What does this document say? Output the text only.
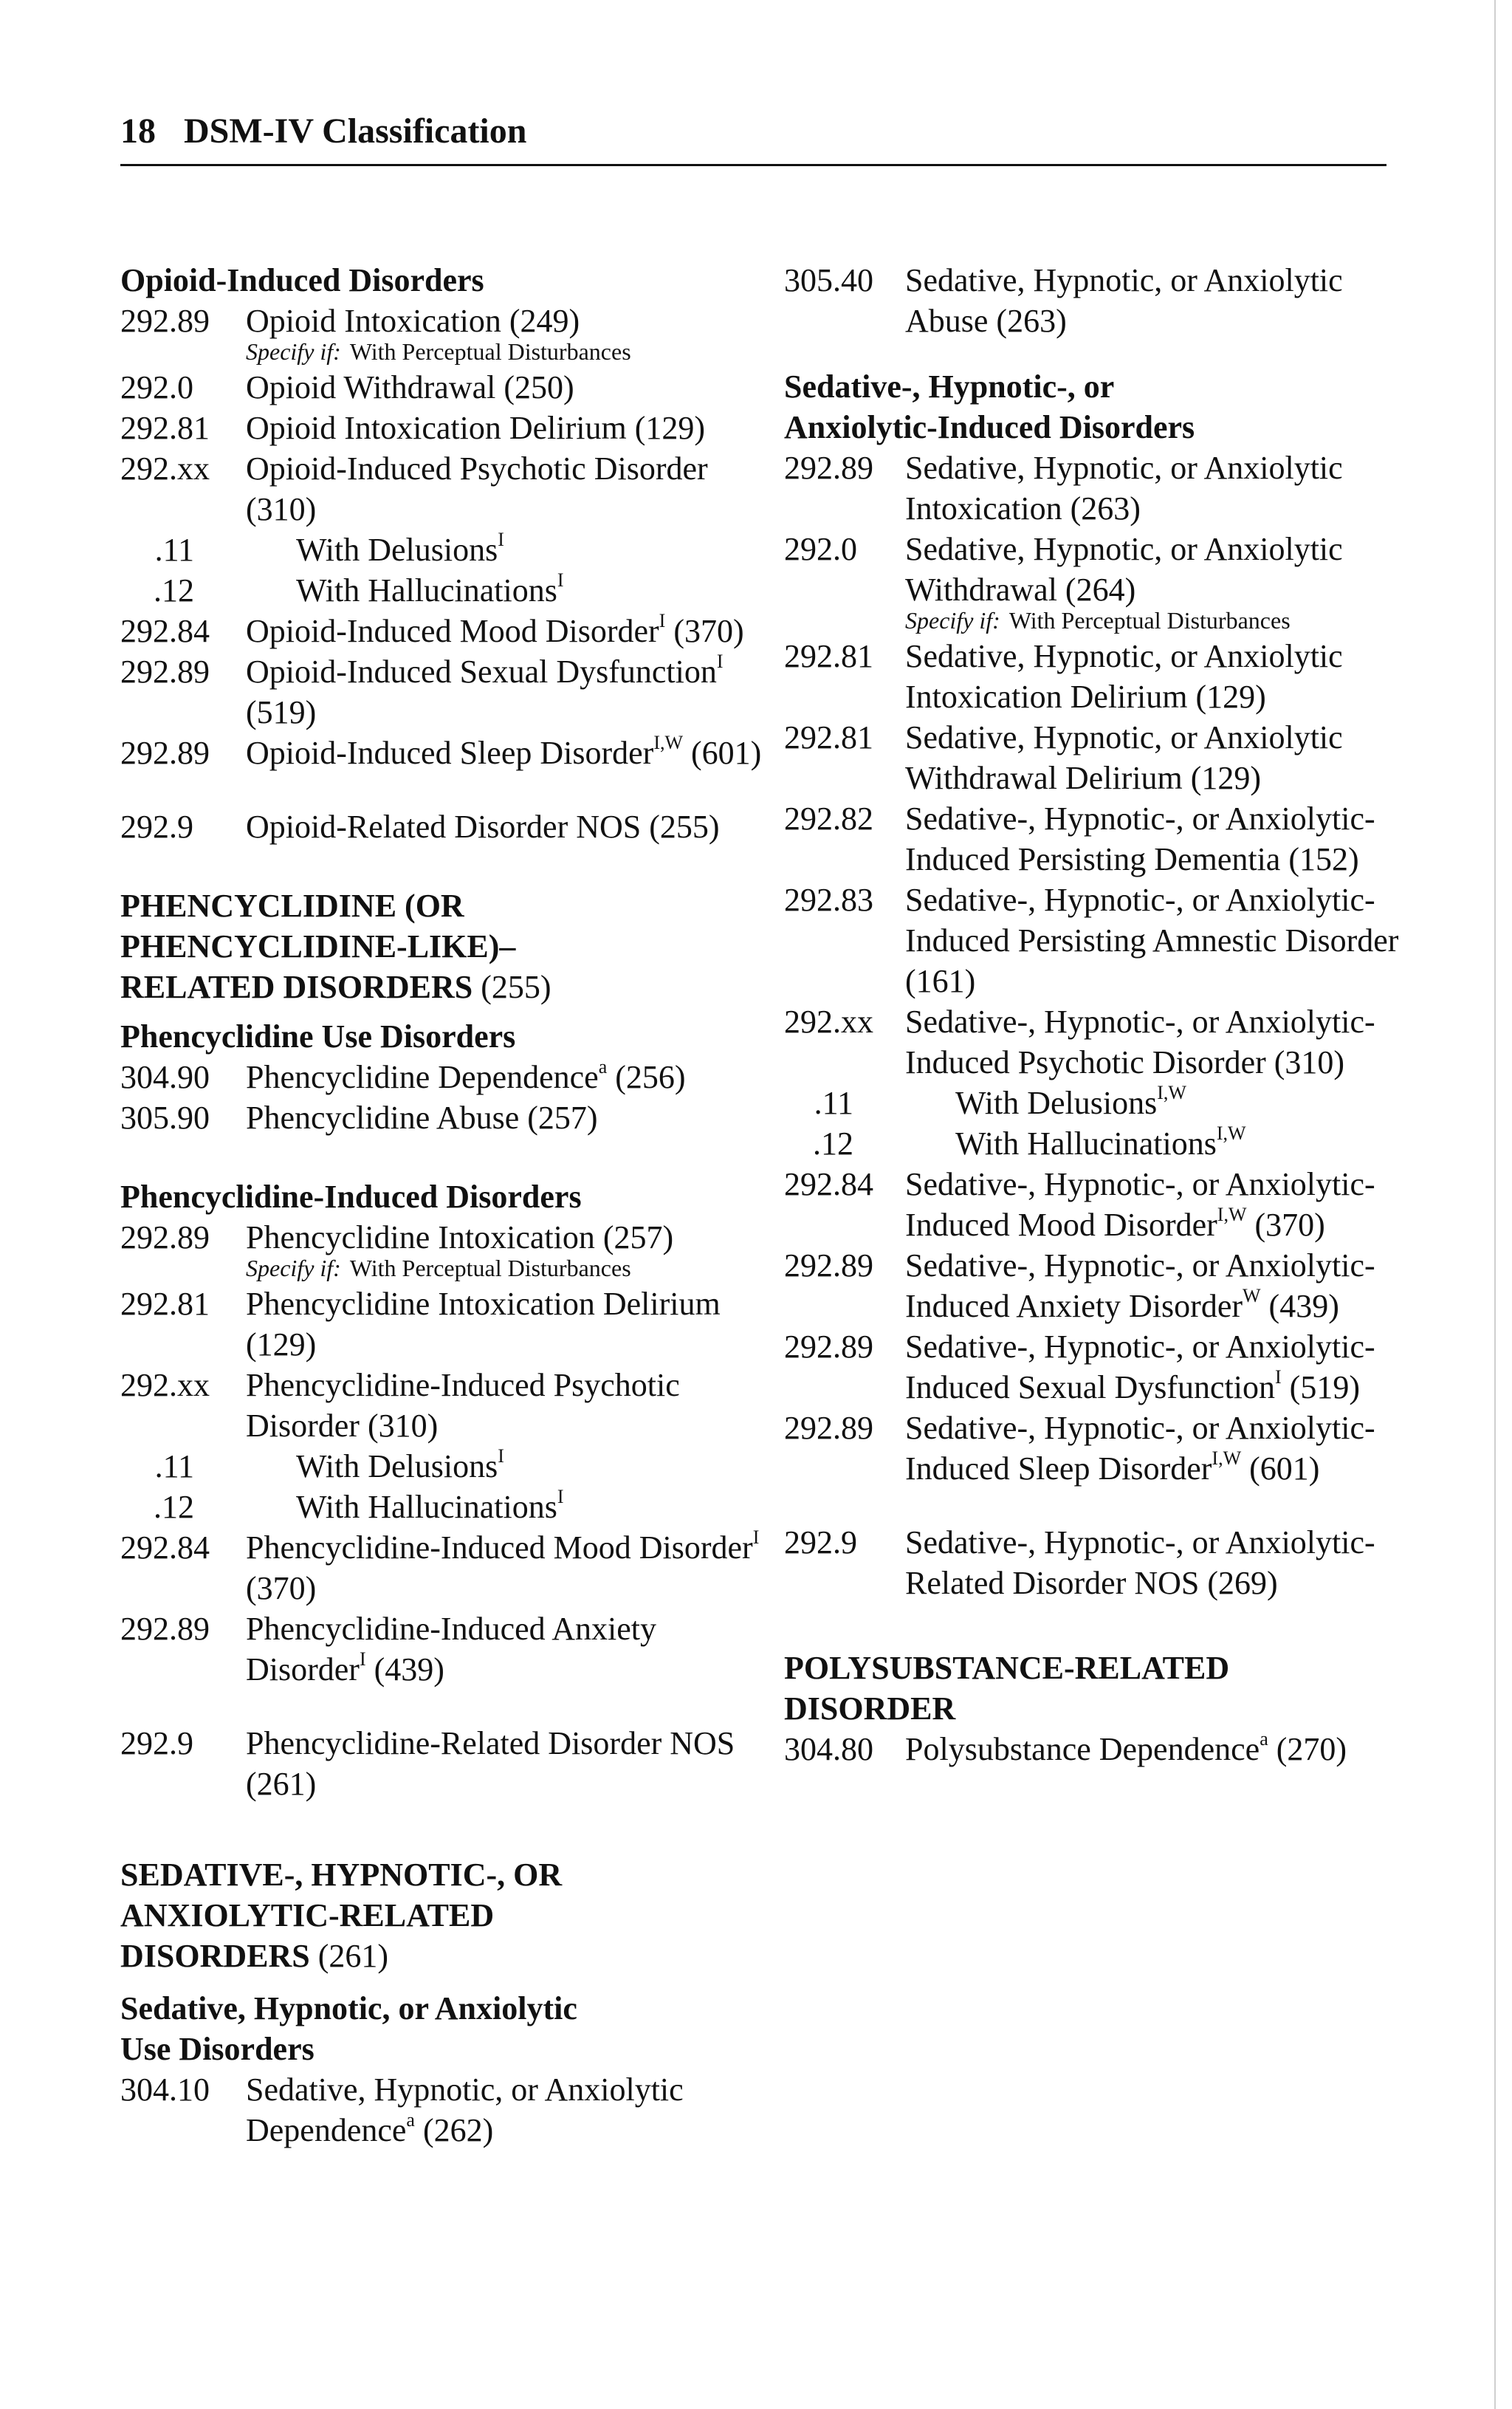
18 DSM-IV Classification
Opioid-Induced Disorders
292.89	Opioid Intoxication (249)
Specify if: With Perceptual Disturbances
292.0	Opioid Withdrawal (250)
292.81	Opioid Intoxication Delirium (129)
292.xx	Opioid-Induced Psychotic Disorder (310)
.11	With Delusions$^I$
.12	With Hallucinations$^I$
292.84	Opioid-Induced Mood Disorder$^I$ (370)
292.89	Opioid-Induced Sexual Dysfunction$^I$ (519)
292.89	Opioid-Induced Sleep Disorder$^{I,W}$ (601)
292.9	Opioid-Related Disorder NOS (255)
PHENCYCLIDINE (OR PHENCYCLIDINE-LIKE)– RELATED DISORDERS (255)
Phencyclidine Use Disorders
304.90	Phencyclidine Dependence$^a$ (256)
305.90	Phencyclidine Abuse (257)
Phencyclidine-Induced Disorders
292.89	Phencyclidine Intoxication (257)
Specify if: With Perceptual Disturbances
292.81	Phencyclidine Intoxication Delirium (129)
292.xx	Phencyclidine-Induced Psychotic Disorder (310)
.11	With Delusions$^I$
.12	With Hallucinations$^I$
292.84	Phencyclidine-Induced Mood Disorder$^I$ (370)
292.89	Phencyclidine-Induced Anxiety Disorder$^I$ (439)
292.9	Phencyclidine-Related Disorder NOS (261)
SEDATIVE-, HYPNOTIC-, OR ANXIOLYTIC-RELATED DISORDERS (261)
Sedative, Hypnotic, or Anxiolytic Use Disorders
304.10	Sedative, Hypnotic, or Anxiolytic Dependence$^a$ (262)
305.40 Sedative, Hypnotic, or Anxiolytic Abuse (263)
Sedative-, Hypnotic-, or Anxiolytic-Induced Disorders
292.89 Sedative, Hypnotic, or Anxiolytic Intoxication (263)
292.0	Sedative, Hypnotic, or Anxiolytic Withdrawal (264)
Specify if: With Perceptual Disturbances
292.81 Sedative, Hypnotic, or Anxiolytic Intoxication Delirium (129)
292.81 Sedative, Hypnotic, or Anxiolytic Withdrawal Delirium (129)
292.82 Sedative-, Hypnotic-, or Anxiolytic-Induced Persisting Dementia (152)
292.83 Sedative-, Hypnotic-, or Anxiolytic-Induced Persisting Amnestic Disorder (161)
292.xx Sedative-, Hypnotic-, or Anxiolytic-Induced Psychotic Disorder (310)
.11	With Delusions$^{I,W}$
.12	With Hallucinations$^{I,W}$
292.84 Sedative-, Hypnotic-, or Anxiolytic-Induced Mood Disorder$^{I,W}$ (370)
292.89 Sedative-, Hypnotic-, or Anxiolytic-Induced Anxiety Disorder$^W$ (439)
292.89 Sedative-, Hypnotic-, or Anxiolytic-Induced Sexual Dysfunction$^I$ (519)
292.89 Sedative-, Hypnotic-, or Anxiolytic-Induced Sleep Disorder$^{I,W}$ (601)
292.9	Sedative-, Hypnotic-, or Anxiolytic-Related Disorder NOS (269)
POLYSUBSTANCE-RELATED DISORDER
304.80 Polysubstance Dependence$^a$ (270)
